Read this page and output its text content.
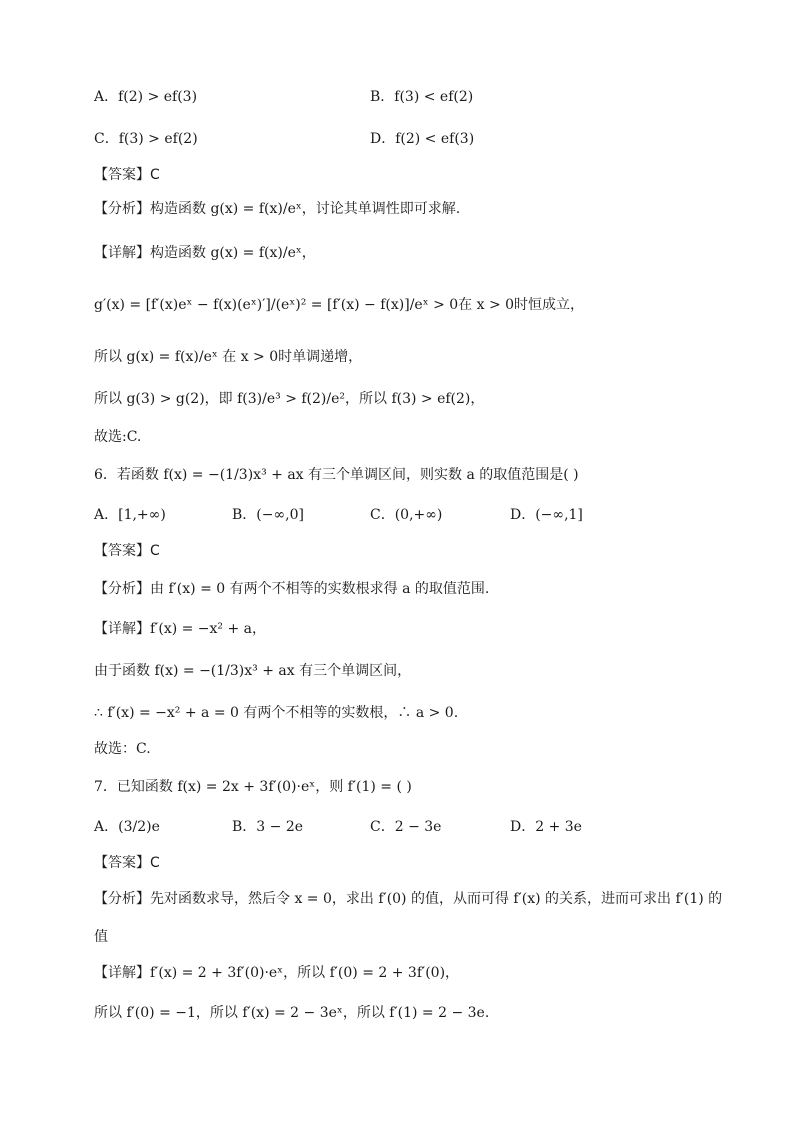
A．f(2) > ef(3)	B．f(3) < ef(2)
C．f(3) > ef(2)	D．f(2) < ef(3)
【答案】C
【分析】构造函数 g(x) = f(x)/eˣ，讨论其单调性即可求解.
【详解】构造函数 g(x) = f(x)/eˣ，
g′(x) = [f′(x)eˣ − f(x)(eˣ)′]/(eˣ)² = [f′(x) − f(x)]/eˣ > 0在 x > 0时恒成立，
所以 g(x) = f(x)/eˣ 在 x > 0时单调递增，
所以 g(3) > g(2)，即 f(3)/e³ > f(2)/e²，所以 f(3) > ef(2)，
故选:C.
6．若函数 f(x) = −(1/3)x³ + ax 有三个单调区间，则实数 a 的取值范围是( )
A．[1,+∞)	B．(−∞,0]	C．(0,+∞)	D．(−∞,1]
【答案】C
【分析】由 f′(x) = 0 有两个不相等的实数根求得 a 的取值范围.
【详解】f′(x) = −x² + a，
由于函数 f(x) = −(1/3)x³ + ax 有三个单调区间，
∴ f′(x) = −x² + a = 0 有两个不相等的实数根，∴ a > 0.
故选：C.
7．已知函数 f(x) = 2x + 3f′(0)·eˣ，则 f′(1) = ( )
A．(3/2)e	B．3 − 2e	C．2 − 3e	D．2 + 3e
【答案】C
【分析】先对函数求导，然后令 x = 0，求出 f′(0) 的值，从而可得 f′(x) 的关系，进而可求出 f′(1) 的
值
【详解】f′(x) = 2 + 3f′(0)·eˣ，所以 f′(0) = 2 + 3f′(0)，
所以 f′(0) = −1，所以 f′(x) = 2 − 3eˣ，所以 f′(1) = 2 − 3e.
